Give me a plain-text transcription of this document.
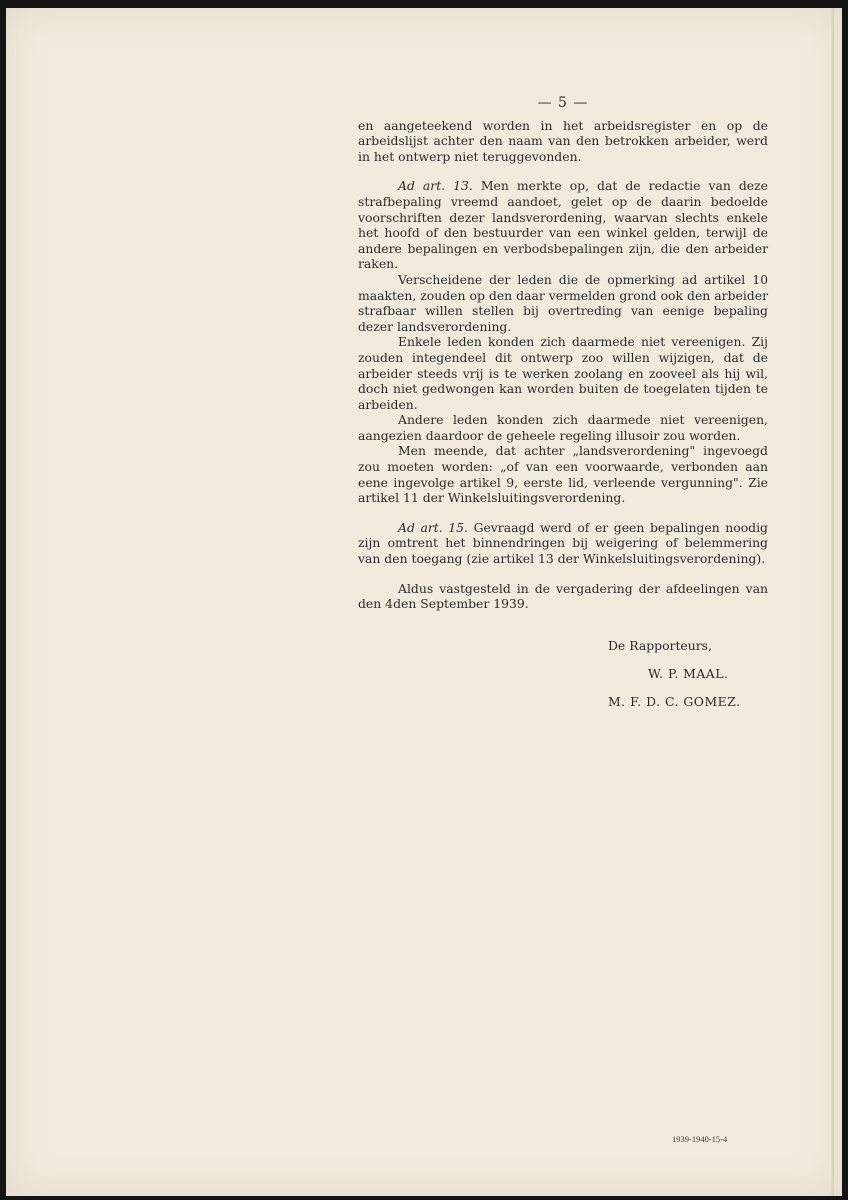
— 5 —

en aangeteekend worden in het arbeidsregister en op de arbeidslijst achter den naam van den betrokken arbeider, werd in het ontwerp niet teruggevonden.

Ad art. 13. Men merkte op, dat de redactie van deze strafbepaling vreemd aandoet, gelet op de daarin bedoelde voorschriften dezer landsverordening, waarvan slechts enkele het hoofd of den bestuurder van een winkel gelden, terwijl de andere bepalingen en verbodsbepalingen zijn, die den arbeider raken.

Verscheidene der leden die de opmerking ad artikel 10 maakten, zouden op den daar vermelden grond ook den arbeider strafbaar willen stellen bij overtreding van eenige bepaling dezer landsverordening.

Enkele leden konden zich daarmede niet vereenigen. Zij zouden integendeel dit ontwerp zoo willen wijzigen, dat de arbeider steeds vrij is te werken zoolang en zooveel als hij wil, doch niet gedwongen kan worden buiten de toegelaten tijden te arbeiden.

Andere leden konden zich daarmede niet vereenigen, aangezien daardoor de geheele regeling illusoir zou worden.

Men meende, dat achter „landsverordening" ingevoegd zou moeten worden: „of van een voorwaarde, verbonden aan eene ingevolge artikel 9, eerste lid, verleende vergunning". Zie artikel 11 der Winkelsluitingsverordening.

Ad art. 15. Gevraagd werd of er geen bepalingen noodig zijn omtrent het binnendringen bij weigering of belemmering van den toegang (zie artikel 13 der Winkelsluitingsverordening).

Aldus vastgesteld in de vergadering der afdeelingen van den 4den September 1939.

De Rapporteurs,

W. P. MAAL.

M. F. D. C. GOMEZ.

1939-1940-15-4
